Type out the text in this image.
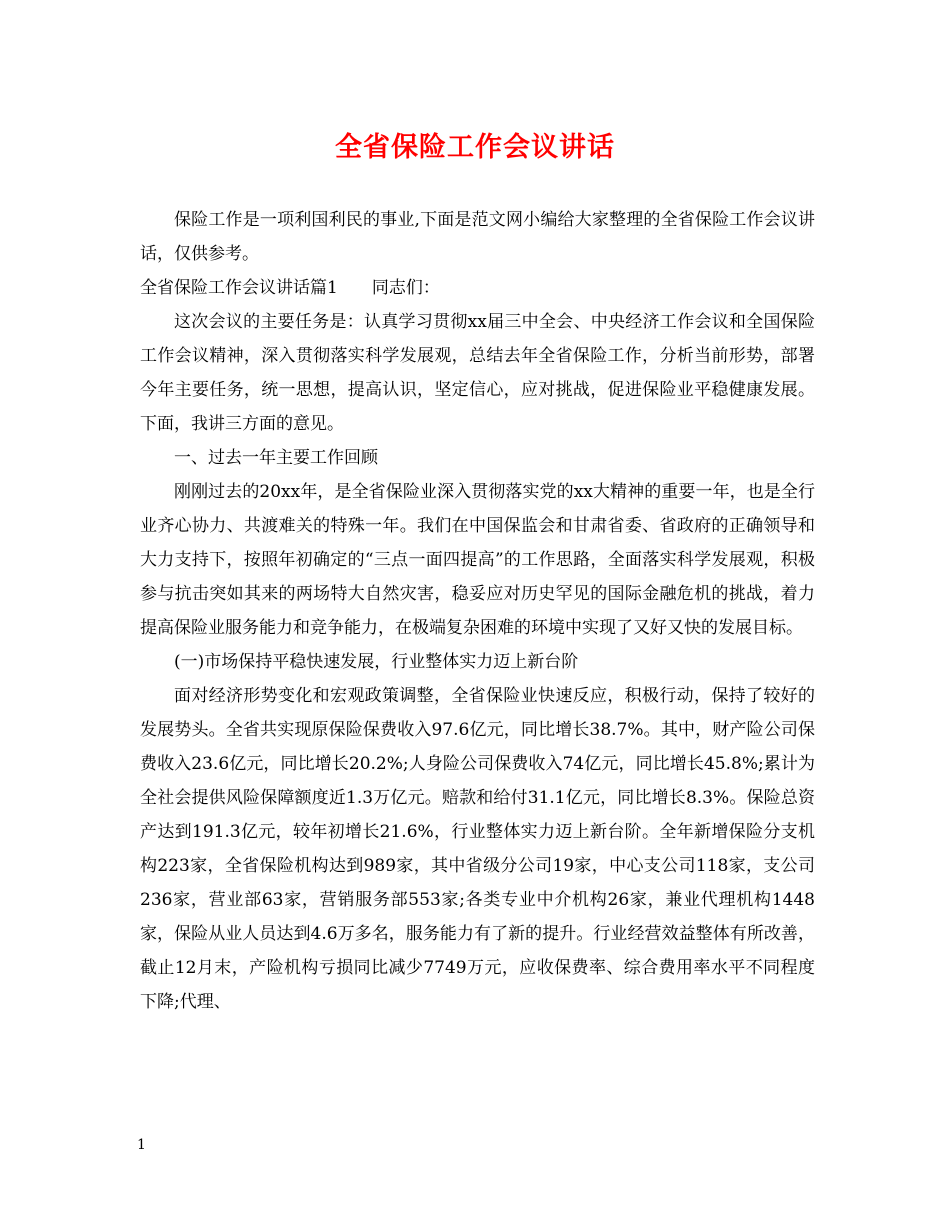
全省保险工作会议讲话

保险工作是一项利国利民的事业,下面是范文网小编给大家整理的全省保险工作会议讲话，仅供参考。

全省保险工作会议讲话篇1 同志们：

这次会议的主要任务是：认真学习贯彻xx届三中全会、中央经济工作会议和全国保险工作会议精神，深入贯彻落实科学发展观，总结去年全省保险工作，分析当前形势，部署今年主要任务，统一思想，提高认识，坚定信心，应对挑战，促进保险业平稳健康发展。下面，我讲三方面的意见。

一、过去一年主要工作回顾

刚刚过去的20xx年，是全省保险业深入贯彻落实党的xx大精神的重要一年，也是全行业齐心协力、共渡难关的特殊一年。我们在中国保监会和甘肃省委、省政府的正确领导和大力支持下，按照年初确定的“三点一面四提高”的工作思路，全面落实科学发展观，积极参与抗击突如其来的两场特大自然灾害，稳妥应对历史罕见的国际金融危机的挑战，着力提高保险业服务能力和竞争能力，在极端复杂困难的环境中实现了又好又快的发展目标。

(一)市场保持平稳快速发展，行业整体实力迈上新台阶

面对经济形势变化和宏观政策调整，全省保险业快速反应，积极行动，保持了较好的发展势头。全省共实现原保险保费收入97.6亿元，同比增长38.7%。其中，财产险公司保费收入23.6亿元，同比增长20.2%;人身险公司保费收入74亿元，同比增长45.8%;累计为全社会提供风险保障额度近1.3万亿元。赔款和给付31.1亿元，同比增长8.3%。保险总资产达到191.3亿元，较年初增长21.6%，行业整体实力迈上新台阶。全年新增保险分支机构223家，全省保险机构达到989家，其中省级分公司19家，中心支公司118家，支公司236家，营业部63家，营销服务部553家;各类专业中介机构26家，兼业代理机构1448家，保险从业人员达到4.6万多名，服务能力有了新的提升。行业经营效益整体有所改善，截止12月末，产险机构亏损同比减少7749万元，应收保费率、综合费用率水平不同程度下降;代理、

1
